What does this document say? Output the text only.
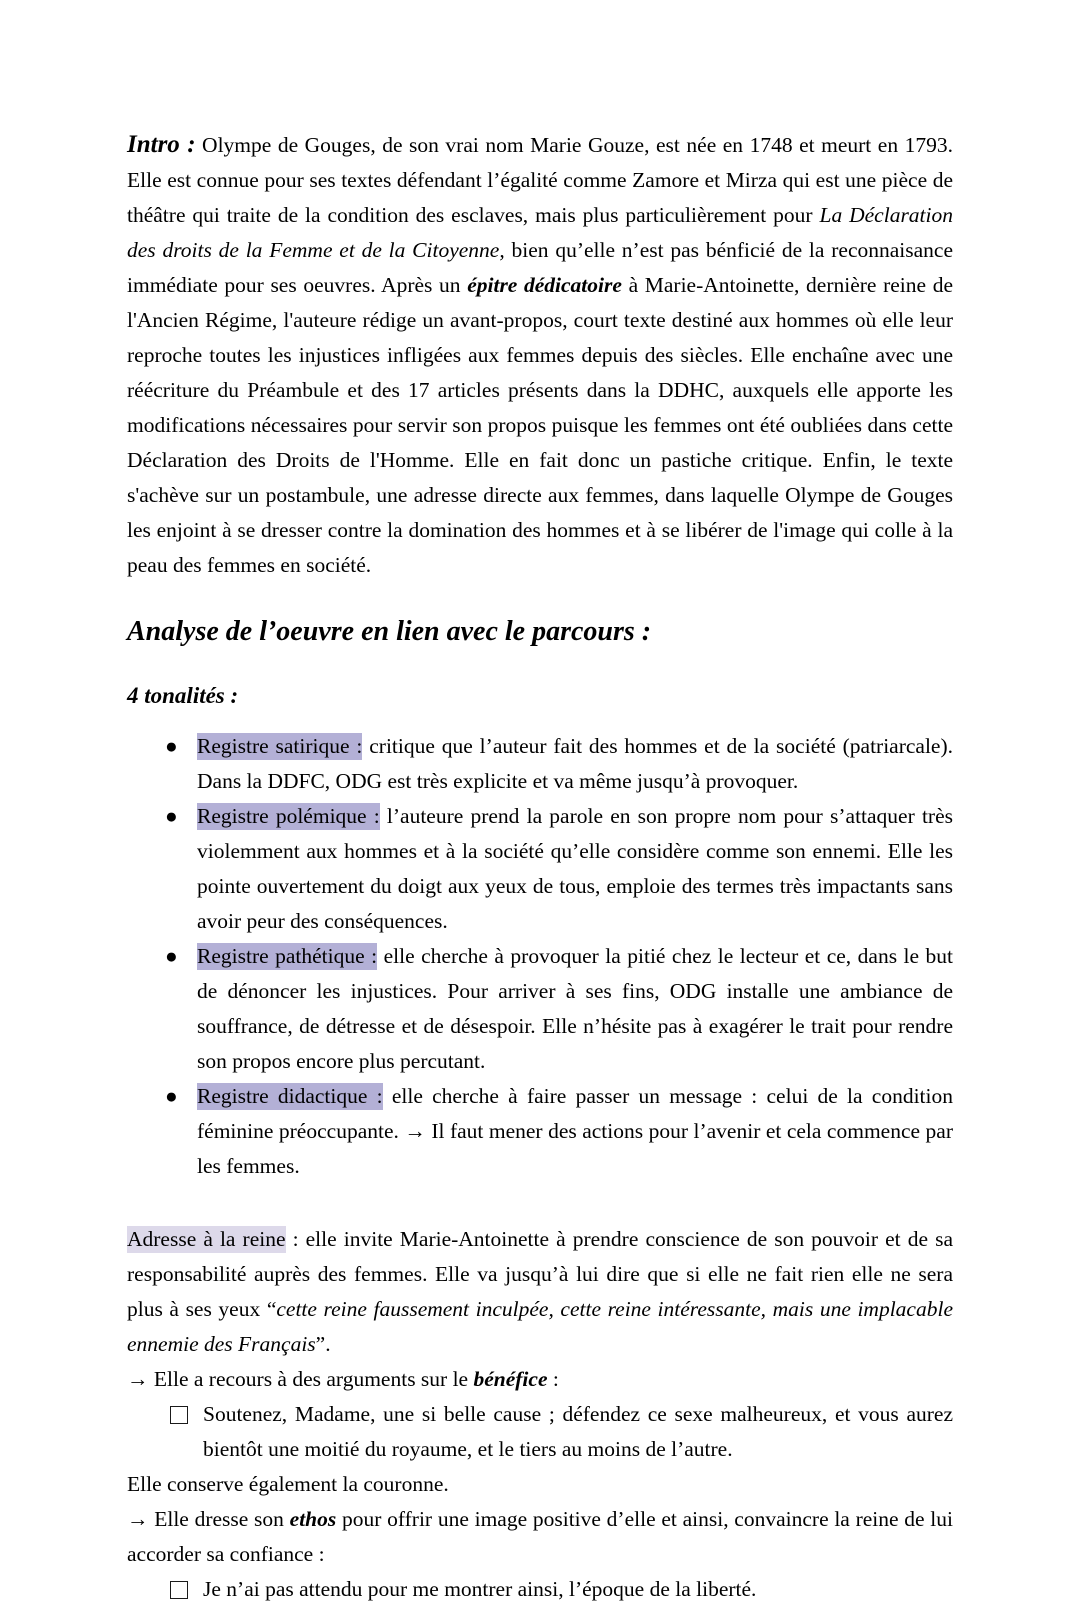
Intro : Olympe de Gouges, de son vrai nom Marie Gouze, est née en 1748 et meurt en 1793. Elle est connue pour ses textes défendant l’égalité comme Zamore et Mirza qui est une pièce de théâtre qui traite de la condition des esclaves, mais plus particulièrement pour La Déclaration des droits de la Femme et de la Citoyenne, bien qu’elle n’est pas bénficié de la reconnaisance immédiate pour ses oeuvres. Après un épitre dédicatoire à Marie-Antoinette, dernière reine de l'Ancien Régime, l'auteure rédige un avant-propos, court texte destiné aux hommes où elle leur reproche toutes les injustices infligées aux femmes depuis des siècles. Elle enchaîne avec une réécriture du Préambule et des 17 articles présents dans la DDHC, auxquels elle apporte les modifications nécessaires pour servir son propos puisque les femmes ont été oubliées dans cette Déclaration des Droits de l'Homme. Elle en fait donc un pastiche critique. Enfin, le texte s'achève sur un postambule, une adresse directe aux femmes, dans laquelle Olympe de Gouges les enjoint à se dresser contre la domination des hommes et à se libérer de l'image qui colle à la peau des femmes en société.

Analyse de l’oeuvre en lien avec le parcours :
4 tonalités :
● Registre satirique : critique que l’auteur fait des hommes et de la société (patriarcale). Dans la DDFC, ODG est très explicite et va même jusqu’à provoquer.
● Registre polémique : l’auteure prend la parole en son propre nom pour s’attaquer très violemment aux hommes et à la société qu’elle considère comme son ennemi. Elle les pointe ouvertement du doigt aux yeux de tous, emploie des termes très impactants sans avoir peur des conséquences.
● Registre pathétique : elle cherche à provoquer la pitié chez le lecteur et ce, dans le but de dénoncer les injustices. Pour arriver à ses fins, ODG installe une ambiance de souffrance, de détresse et de désespoir. Elle n’hésite pas à exagérer le trait pour rendre son propos encore plus percutant.
● Registre didactique : elle cherche à faire passer un message : celui de la condition féminine préoccupante. → Il faut mener des actions pour l’avenir et cela commence par les femmes.

Adresse à la reine : elle invite Marie-Antoinette à prendre conscience de son pouvoir et de sa responsabilité auprès des femmes. Elle va jusqu’à lui dire que si elle ne fait rien elle ne sera plus à ses yeux “cette reine faussement inculpée, cette reine intéressante, mais une implacable ennemie des Français”.

→ Elle a recours à des arguments sur le bénéfice :
Soutenez, Madame, une si belle cause ; défendez ce sexe malheureux, et vous aurez bientôt une moitié du royaume, et le tiers au moins de l’autre.
Elle conserve également la couronne.
→ Elle dresse son ethos pour offrir une image positive d’elle et ainsi, convaincre la reine de lui accorder sa confiance :
Je n’ai pas attendu pour me montrer ainsi, l’époque de la liberté.
